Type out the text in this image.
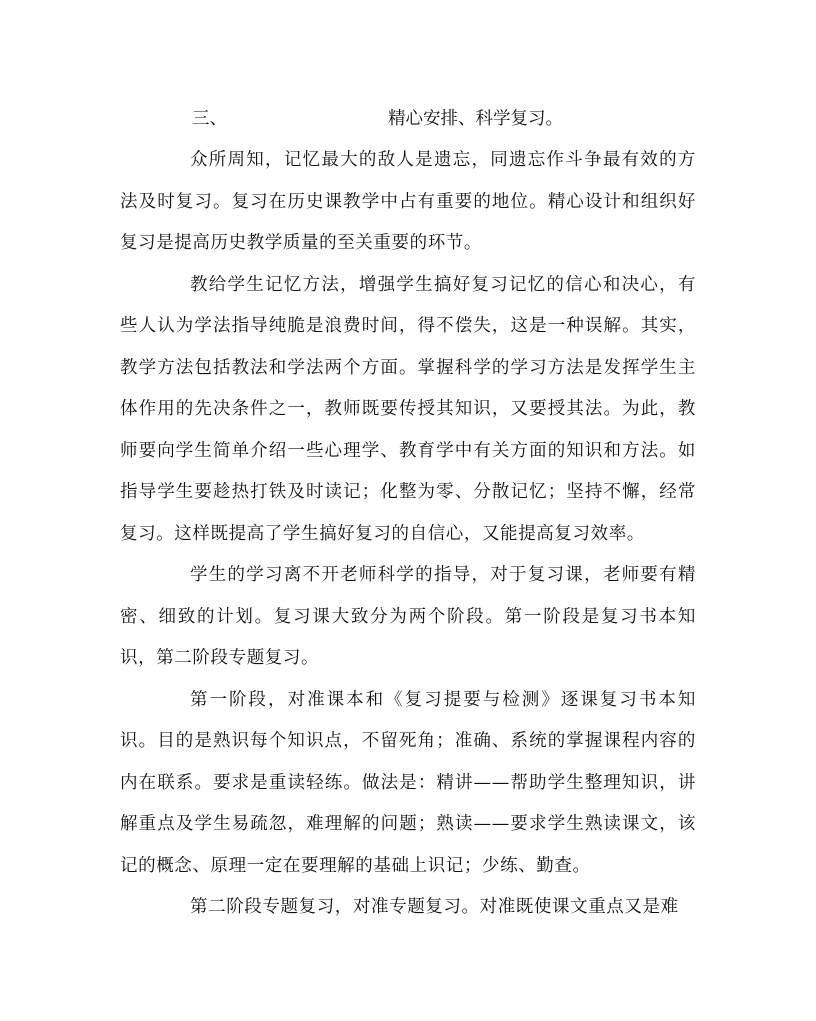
三、	精心安排、科学复习。

众所周知，记忆最大的敌人是遗忘，同遗忘作斗争最有效的方法及时复习。复习在历史课教学中占有重要的地位。精心设计和组织好复习是提高历史教学质量的至关重要的环节。

教给学生记忆方法，增强学生搞好复习记忆的信心和决心，有些人认为学法指导纯脆是浪费时间，得不偿失，这是一种误解。其实，教学方法包括教法和学法两个方面。掌握科学的学习方法是发挥学生主体作用的先决条件之一，教师既要传授其知识，又要授其法。为此，教师要向学生简单介绍一些心理学、教育学中有关方面的知识和方法。如指导学生要趁热打铁及时读记；化整为零、分散记忆；坚持不懈，经常复习。这样既提高了学生搞好复习的自信心，又能提高复习效率。

学生的学习离不开老师科学的指导，对于复习课，老师要有精密、细致的计划。复习课大致分为两个阶段。第一阶段是复习书本知识，第二阶段专题复习。

第一阶段，对准课本和《复习提要与检测》逐课复习书本知识。目的是熟识每个知识点，不留死角；准确、系统的掌握课程内容的内在联系。要求是重读轻练。做法是：精讲——帮助学生整理知识，讲解重点及学生易疏忽，难理解的问题；熟读——要求学生熟读课文，该记的概念、原理一定在要理解的基础上识记；少练、勤查。

第二阶段专题复习，对准专题复习。对准既使课文重点又是难
